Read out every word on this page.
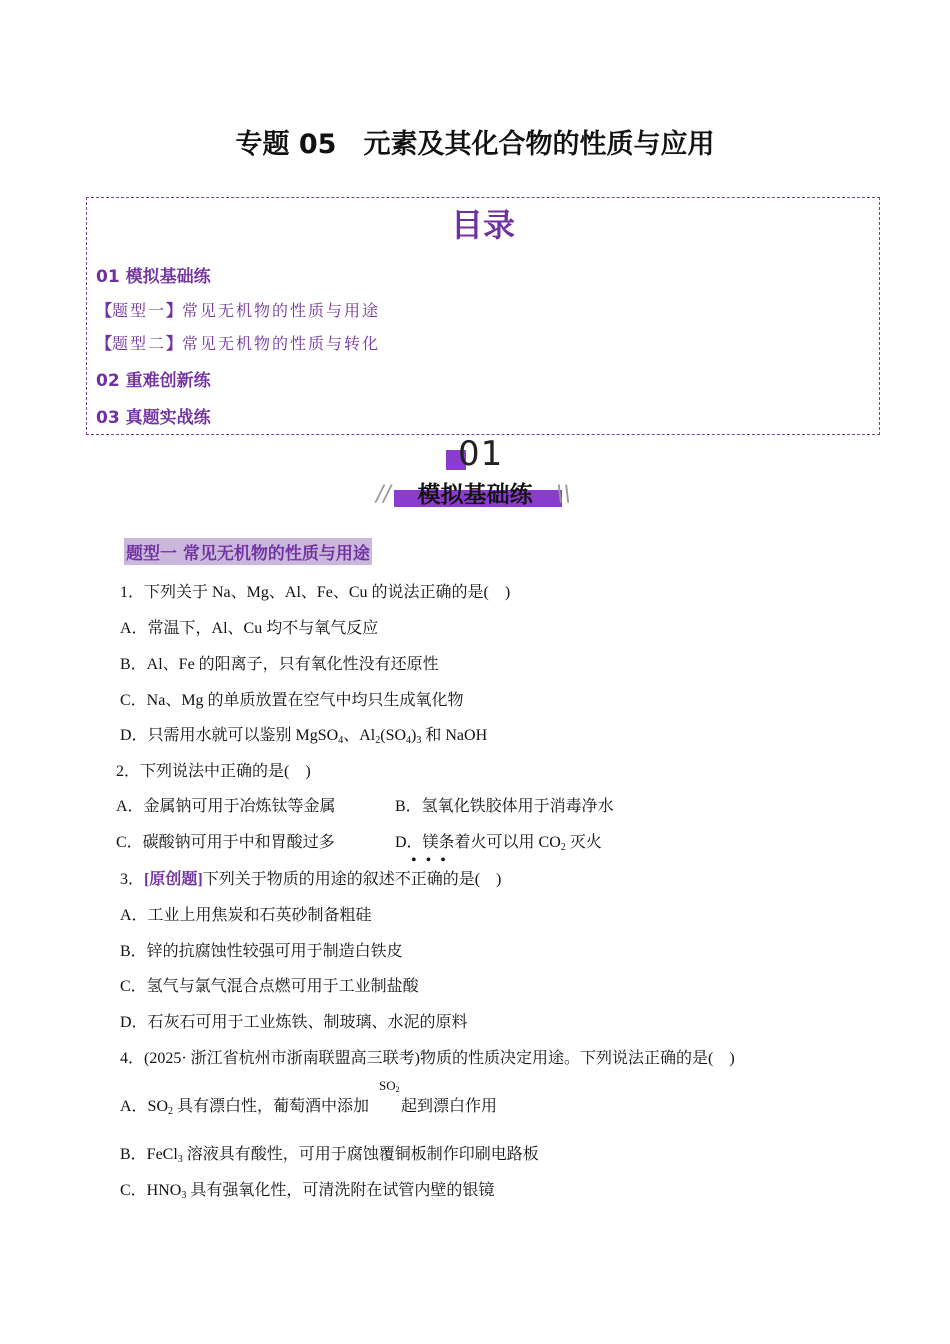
专题 05　元素及其化合物的性质与应用
目录
01 模拟基础练
【题型一】常见无机物的性质与用途
【题型二】常见无机物的性质与转化
02 重难创新练
03 真题实战练
01
//	模拟基础练	\\
题型一 常见无机物的性质与用途
1．下列关于 Na、Mg、Al、Fe、Cu 的说法正确的是(　)
A．常温下，Al、Cu 均不与氧气反应
B．Al、Fe 的阳离子，只有氧化性没有还原性
C．Na、Mg 的单质放置在空气中均只生成氧化物
D．只需用水就可以鉴别 MgSO$_4$、$Al_2(SO_4)_3$ 和 NaOH
2．下列说法中正确的是(　)
A．金属钠可用于冶炼钛等金属	B．氢氧化铁胶体用于消毒净水
C．碳酸钠可用于中和胃酸过多	D．镁条着火可以用 $CO_2$ 灭火
•••
3．[原创题]下列关于物质的用途的叙述不正确的是(　)
A．工业上用焦炭和石英砂制备粗硅
B．锌的抗腐蚀性较强可用于制造白铁皮
C．氢气与氯气混合点燃可用于工业制盐酸
D．石灰石可用于工业炼铁、制玻璃、水泥的原料
4．(2025· 浙江省杭州市浙南联盟高三联考)物质的性质决定用途。下列说法正确的是(　)
$SO_2$
A．$SO_2$ 具有漂白性，葡萄酒中添加 起到漂白作用
B．FeCl$_3$ 溶液具有酸性，可用于腐蚀覆铜板制作印刷电路板
C．$HNO_3$ 具有强氧化性，可清洗附在试管内壁的银镜
